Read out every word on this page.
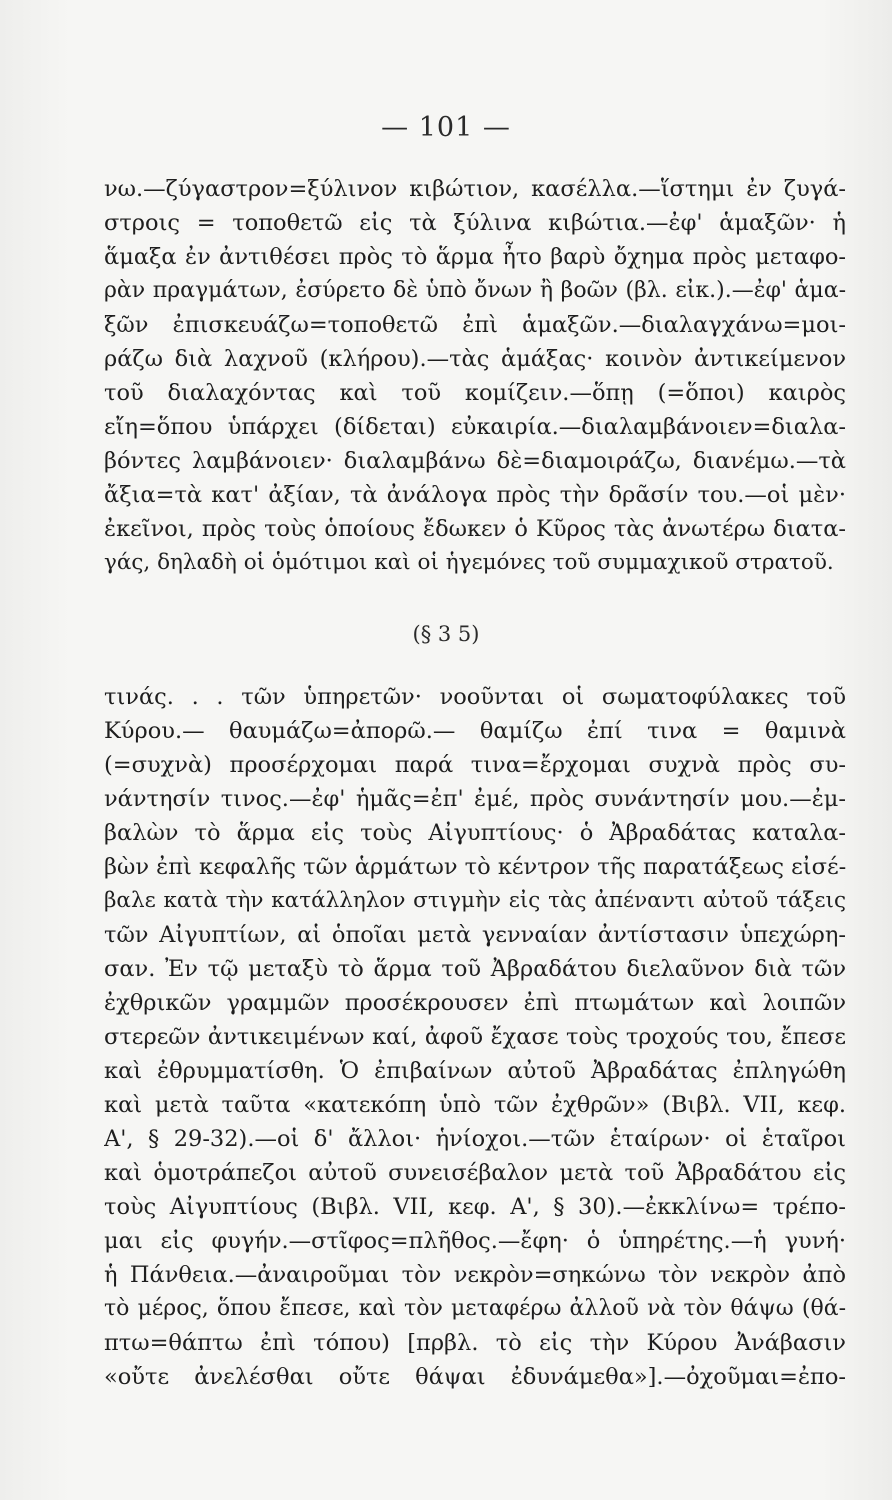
— 101 —
νω.—ζύγαστρον=ξύλινον κιβώτιον, κασέλλα.—ἵστημι ἐν ζυγά-
στροις = τοποθετῶ εἰς τὰ ξύλινα κιβώτια.—ἐφ' ἁμαξῶν· ἡ
ἅμαξα ἐν ἀντιθέσει πρὸς τὸ ἅρμα ἦτο βαρὺ ὄχημα πρὸς μεταφο-
ρὰν πραγμάτων, ἐσύρετο δὲ ὑπὸ ὄνων ἢ βοῶν (βλ. εἰκ.).—ἐφ' ἁμα-
ξῶν ἐπισκευάζω=τοποθετῶ ἐπὶ ἁμαξῶν.—διαλαγχάνω=μοι-
ράζω διὰ λαχνοῦ (κλήρου).—τὰς ἁμάξας· κοινὸν ἀντικείμενον
τοῦ διαλαχόντας καὶ τοῦ κομίζειν.—ὅπῃ (=ὅποι) καιρὸς
εἴη=ὅπου ὑπάρχει (δίδεται) εὐκαιρία.—διαλαμβάνοιεν=διαλα-
βόντες λαμβάνοιεν· διαλαμβάνω δὲ=διαμοιράζω, διανέμω.—τὰ
ἄξια=τὰ κατ' ἀξίαν, τὰ ἀνάλογα πρὸς τὴν δρᾶσίν του.—οἱ μὲν·
ἐκεῖνοι, πρὸς τοὺς ὁποίους ἔδωκεν ὁ Κῦρος τὰς ἀνωτέρω διατα-
γάς, δηλαδὴ οἱ ὁμότιμοι καὶ οἱ ἡγεμόνες τοῦ συμμαχικοῦ στρατοῦ.
(§ 3 5)
τινάς. . . τῶν ὑπηρετῶν· νοοῦνται οἱ σωματοφύλακες τοῦ
Κύρου.— θαυμάζω=ἀπορῶ.— θαμίζω ἐπί τινα = θαμινὰ
(=συχνὰ) προσέρχομαι παρά τινα=ἔρχομαι συχνὰ πρὸς συ-
νάντησίν τινος.—ἐφ' ἡμᾶς=ἐπ' ἐμέ, πρὸς συνάντησίν μου.—ἐμ-
βαλὼν τὸ ἅρμα εἰς τοὺς Αἰγυπτίους· ὁ Ἀβραδάτας καταλα-
βὼν ἐπὶ κεφαλῆς τῶν ἁρμάτων τὸ κέντρον τῆς παρατάξεως εἰσέ-
βαλε κατὰ τὴν κατάλληλον στιγμὴν εἰς τὰς ἀπέναντι αὐτοῦ τάξεις
τῶν Αἰγυπτίων, αἱ ὁποῖαι μετὰ γενναίαν ἀντίστασιν ὑπεχώρη-
σαν. Ἐν τῷ μεταξὺ τὸ ἅρμα τοῦ Ἀβραδάτου διελαῦνον διὰ τῶν
ἐχθρικῶν γραμμῶν προσέκρουσεν ἐπὶ πτωμάτων καὶ λοιπῶν
στερεῶν ἀντικειμένων καί, ἀφοῦ ἔχασε τοὺς τροχούς του, ἔπεσε
καὶ ἐθρυμματίσθη. Ὁ ἐπιβαίνων αὐτοῦ Ἀβραδάτας ἐπληγώθη
καὶ μετὰ ταῦτα «κατεκόπη ὑπὸ τῶν ἐχθρῶν» (Βιβλ. VII, κεφ.
Α', § 29-32).—οἱ δ' ἄλλοι· ἡνίοχοι.—τῶν ἑταίρων· οἱ ἑταῖροι
καὶ ὁμοτράπεζοι αὐτοῦ συνεισέβαλον μετὰ τοῦ Ἀβραδάτου εἰς
τοὺς Αἰγυπτίους (Βιβλ. VII, κεφ. Α', § 30).—ἐκκλίνω= τρέπο-
μαι εἰς φυγήν.—στῖφος=πλῆθος.—ἔφη· ὁ ὑπηρέτης.—ἡ γυνή·
ἡ Πάνθεια.—ἀναιροῦμαι τὸν νεκρὸν=σηκώνω τὸν νεκρὸν ἀπὸ
τὸ μέρος, ὅπου ἔπεσε, καὶ τὸν μεταφέρω ἀλλοῦ νὰ τὸν θάψω (θά-
πτω=θάπτω ἐπὶ τόπου) [πρβλ. τὸ εἰς τὴν Κύρου Ἀνάβασιν
«οὔτε ἀνελέσθαι οὔτε θάψαι ἐδυνάμεθα»].—ὀχοῦμαι=ἐπο-
